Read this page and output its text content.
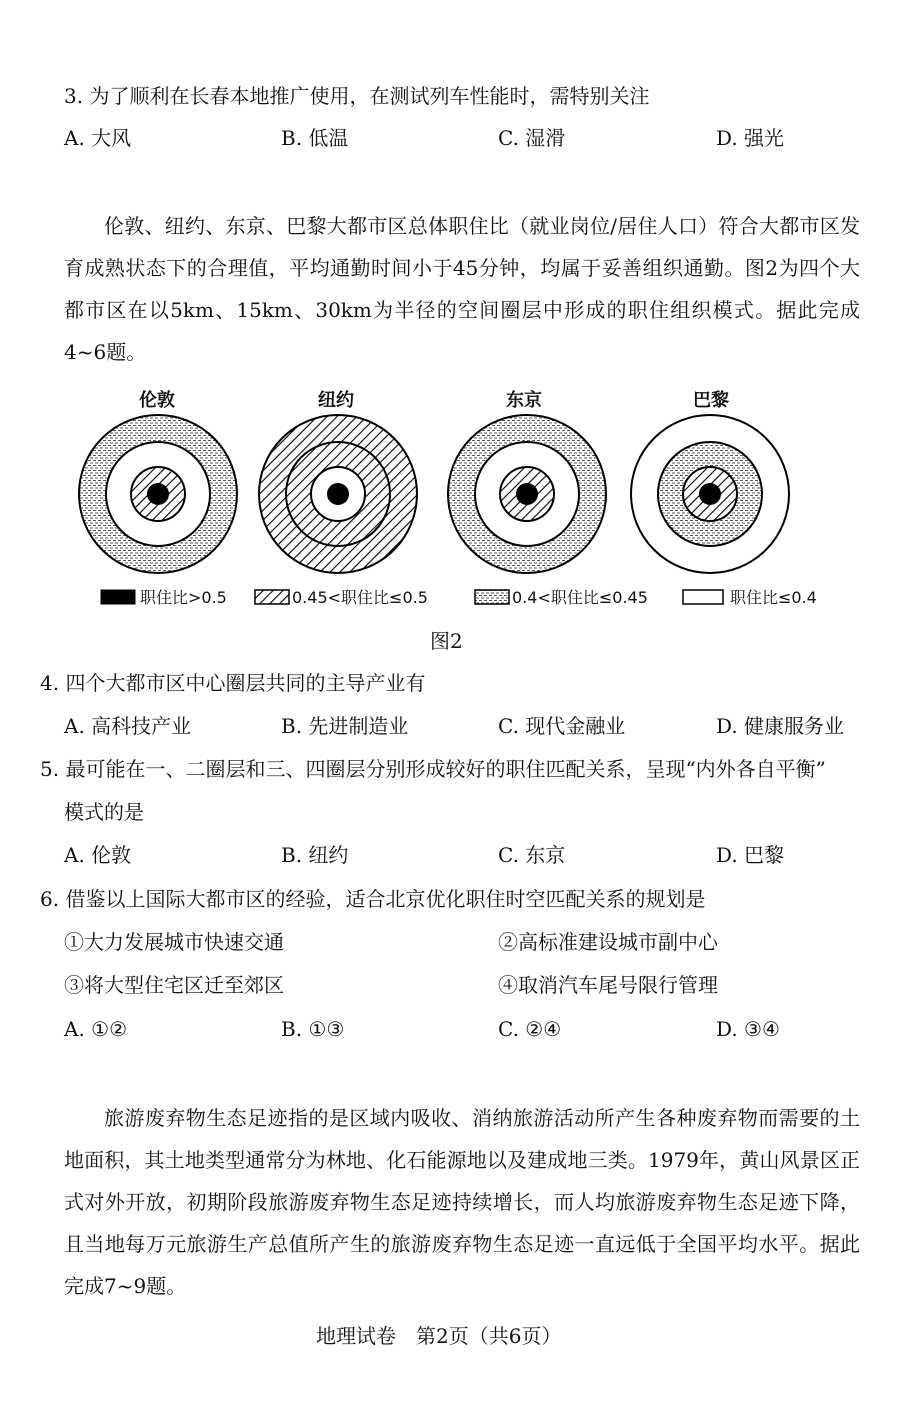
3. 为了顺利在长春本地推广使用，在测试列车性能时，需特别关注
A. 大风	B. 低温	C. 湿滑	D. 强光
伦敦、纽约、东京、巴黎大都市区总体职住比（就业岗位/居住人口）符合大都市区发育成熟状态下的合理值，平均通勤时间小于45分钟，均属于妥善组织通勤。图2为四个大都市区在以5km、15km、30km为半径的空间圈层中形成的职住组织模式。据此完成4~6题。
伦敦	纽约	东京	巴黎
职住比>0.5	0.45<职住比≤0.5	0.4<职住比≤0.45	职住比≤0.4
图2
4. 四个大都市区中心圈层共同的主导产业有
A. 高科技产业	B. 先进制造业	C. 现代金融业	D. 健康服务业
5. 最可能在一、二圈层和三、四圈层分别形成较好的职住匹配关系，呈现“内外各自平衡”
模式的是
A. 伦敦	B. 纽约	C. 东京	D. 巴黎
6. 借鉴以上国际大都市区的经验，适合北京优化职住时空匹配关系的规划是
①大力发展城市快速交通	②高标准建设城市副中心
③将大型住宅区迁至郊区	④取消汽车尾号限行管理
A. ①②	B. ①③	C. ②④	D. ③④
旅游废弃物生态足迹指的是区域内吸收、消纳旅游活动所产生各种废弃物而需要的土地面积，其土地类型通常分为林地、化石能源地以及建成地三类。1979年，黄山风景区正式对外开放，初期阶段旅游废弃物生态足迹持续增长，而人均旅游废弃物生态足迹下降，且当地每万元旅游生产总值所产生的旅游废弃物生态足迹一直远低于全国平均水平。据此完成7~9题。
地理试卷　第2页（共6页）
